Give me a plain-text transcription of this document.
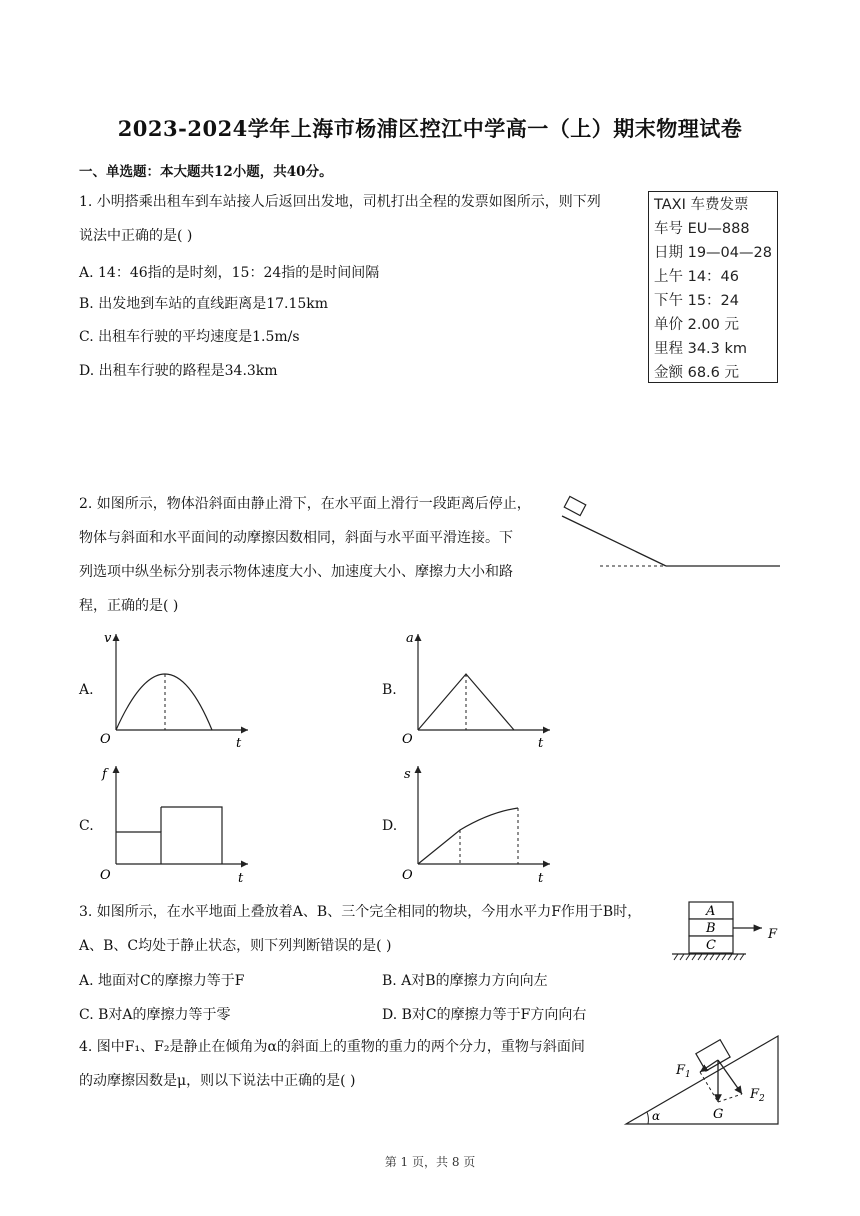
2023-2024学年上海市杨浦区控江中学高一（上）期末物理试卷
一、单选题：本大题共12小题，共40分。
1. 小明搭乘出租车到车站接人后返回出发地，司机打出全程的发票如图所示，则下列
说法中正确的是( )
A. 14：46指的是时刻，15：24指的是时间间隔
B. 出发地到车站的直线距离是17.15km
C. 出租车行驶的平均速度是1.5m/s
D. 出租车行驶的路程是34.3km
TAXI 车费发票
车号 EU—888
日期 19—04—28
上午 14：46
下午 15：24
单价 2.00 元
里程 34.3 km
金额 68.6 元
2. 如图所示，物体沿斜面由静止滑下，在水平面上滑行一段距离后停止，
物体与斜面和水平面间的动摩擦因数相同，斜面与水平面平滑连接。下
列选项中纵坐标分别表示物体速度大小、加速度大小、摩擦力大小和路
程，正确的是( )
A.	B.
C.	D.
v
t
O
a
t
O
f
t
O
s
t
O
3. 如图所示，在水平地面上叠放着A、B、三个完全相同的物块，今用水平力F作用于B时，
A、B、C均处于静止状态，则下列判断错误的是( )
A. 地面对C的摩擦力等于F	B. A对B的摩擦力方向向左
C. B对A的摩擦力等于零	D. B对C的摩擦力等于F方向向右
A
B
C
F
4. 图中F₁、F₂是静止在倾角为α的斜面上的重物的重力的两个分力，重物与斜面间
的动摩擦因数是μ，则以下说法中正确的是( )
$F_1$
$F_2$
G
α
第 1 页，共 8 页
